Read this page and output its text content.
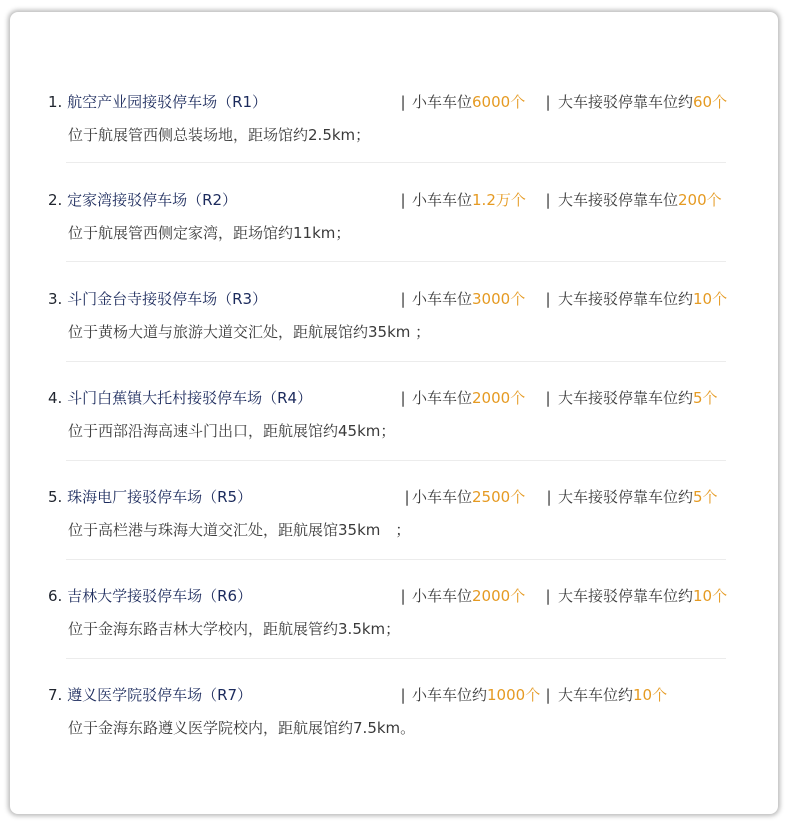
1. 航空产业园接驳停车场（R1）	| 小车车位6000个 | 大车接驳停靠车位约60个
位于航展管西侧总装场地，距场馆约2.5km；
2. 定家湾接驳停车场（R2）	| 小车车位1.2万个 | 大车接驳停靠车位200个
位于航展管西侧定家湾，距场馆约11km；
3. 斗门金台寺接驳停车场（R3）	| 小车车位3000个 | 大车接驳停靠车位约10个
位于黄杨大道与旅游大道交汇处，距航展馆约35km ；
4. 斗门白蕉镇大托村接驳停车场（R4）	| 小车车位2000个 | 大车接驳停靠车位约5个
位于西部沿海高速斗门出口，距航展馆约45km；
5. 珠海电厂接驳停车场（R5）	| 小车车位2500个 | 大车接驳停靠车位约5个
位于高栏港与珠海大道交汇处，距航展馆35km　；
6. 吉林大学接驳停车场（R6）	| 小车车位2000个 | 大车接驳停靠车位约10个
位于金海东路吉林大学校内，距航展管约3.5km；
7. 遵义医学院驳停车场（R7）	| 小车车位约1000个 | 大车车位约10个
位于金海东路遵义医学院校内，距航展馆约7.5km。
